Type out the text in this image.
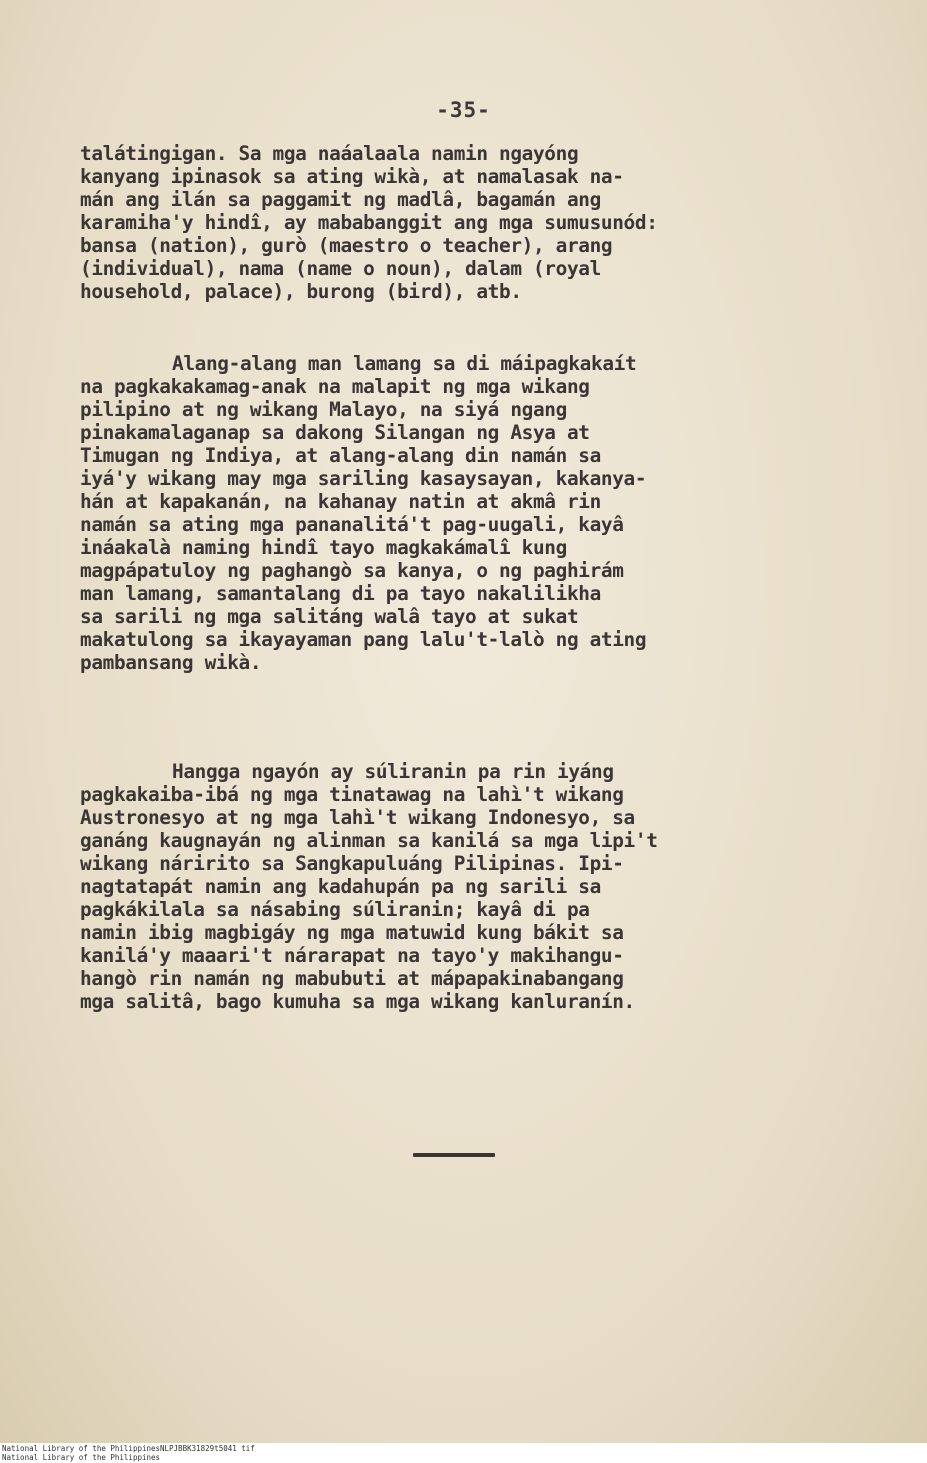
-35-
talátingigan. Sa mga naáalaala namin ngayóng
kanyang ipinasok sa ating wikà, at namalasak na-
mán ang ilán sa paggamit ng madlâ, bagamán ang
karamiha'y hindî, ay mababanggit ang mga sumusunód:
bansa (nation), gurò (maestro o teacher), arang
(individual), nama (name o noun), dalam (royal
household, palace), burong (bird), atb.
Alang-alang man lamang sa di máipagkakaít
na pagkakakamag-anak na malapit ng mga wikang
pilipino at ng wikang Malayo, na siyá ngang
pinakamalaganap sa dakong Silangan ng Asya at
Timugan ng Indiya, at alang-alang din namán sa
iyá'y wikang may mga sariling kasaysayan, kakanya-
hán at kapakanán, na kahanay natin at akmâ rin
namán sa ating mga pananalitá't pag-uugali, kayâ
ináakalà naming hindî tayo magkakámalî kung
magpápatuloy ng paghangò sa kanya, o ng paghirám
man lamang, samantalang di pa tayo nakalilikha
sa sarili ng mga salitáng walâ tayo at sukat
makatulong sa ikayayaman pang lalu't-lalò ng ating
pambansang wikà.
Hangga ngayón ay súliranin pa rin iyáng
pagkakaiba-ibá ng mga tinatawag na lahì't wikang
Austronesyo at ng mga lahì't wikang Indonesyo, sa
ganáng kaugnayán ng alinman sa kanilá sa mga lipi't
wikang náririto sa Sangkapuluáng Pilipinas. Ipi-
nagtatapát namin ang kadahupán pa ng sarili sa
pagkákilala sa násabing súliranin; kayâ di pa
namin ibig magbigáy ng mga matuwid kung bákit sa
kanilá'y maaari't nárarapat na tayo'y makihangu-
hangò rin namán ng mabubuti at mápapakinabangang
mga salitâ, bago kumuha sa mga wikang kanluranín.
National Library of the Philippines
National Library of the Philippines
NLPJBBK31829t5041 tif
